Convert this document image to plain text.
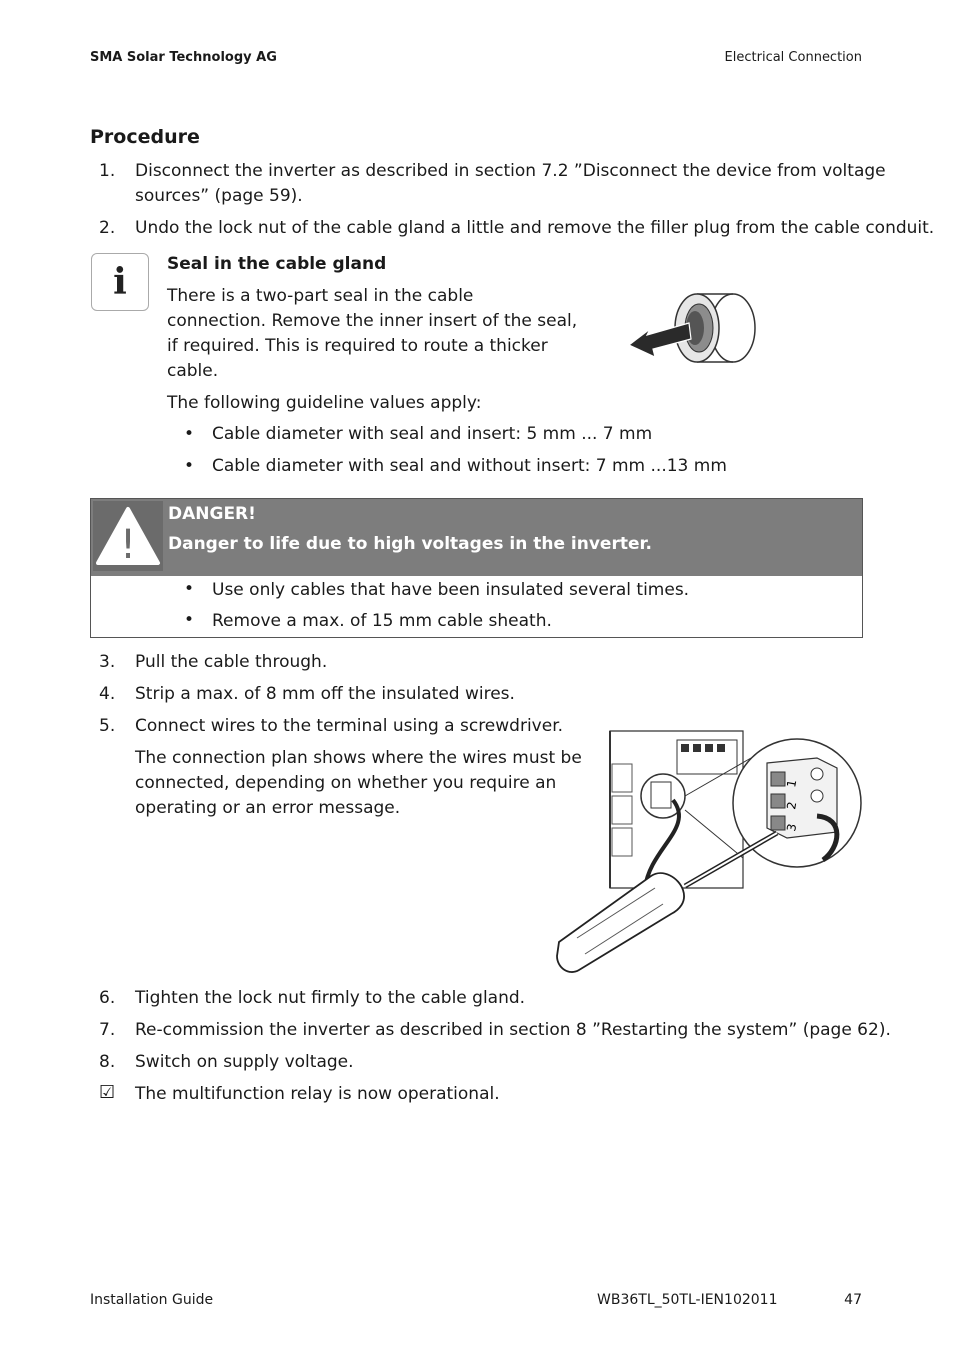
SMA Solar Technology AG	Electrical Connection
Procedure
1. Disconnect the inverter as described in section 7.2 ”Disconnect the device from voltage
sources” (page 59).
2. Undo the lock nut of the cable gland a little and remove the filler plug from the cable conduit.
i Seal in the cable gland
There is a two-part seal in the cable
connection. Remove the inner insert of the seal,
if required. This is required to route a thicker
cable.
The following guideline values apply:
• Cable diameter with seal and insert: 5 mm ... 7 mm
• Cable diameter with seal and without insert: 7 mm ...13 mm
!
DANGER!
Danger to life due to high voltages in the inverter.
• Use only cables that have been insulated several times.
• Remove a max. of 15 mm cable sheath.
3. Pull the cable through.
4. Strip a max. of 8 mm off the insulated wires.
5. Connect wires to the terminal using a screwdriver.
The connection plan shows where the wires must be
connected, depending on whether you require an
operating or an error message.
1
2
3
6. Tighten the lock nut firmly to the cable gland.
7. Re-commission the inverter as described in section 8 ”Restarting the system” (page 62).
8. Switch on supply voltage.
☑ The multifunction relay is now operational.
Installation Guide	WB36TL_50TL-IEN102011	47
